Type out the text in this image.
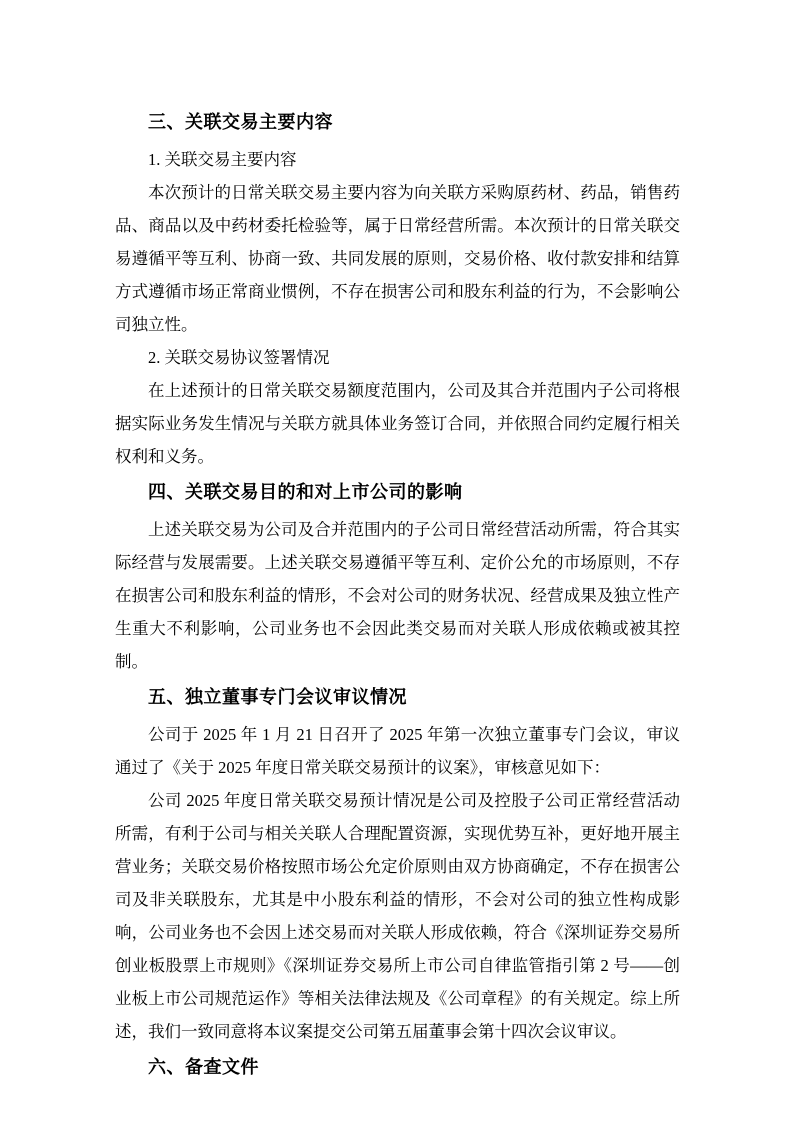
三、关联交易主要内容

1. 关联交易主要内容

本次预计的日常关联交易主要内容为向关联方采购原药材、药品，销售药品、商品以及中药材委托检验等，属于日常经营所需。本次预计的日常关联交易遵循平等互利、协商一致、共同发展的原则，交易价格、收付款安排和结算方式遵循市场正常商业惯例，不存在损害公司和股东利益的行为，不会影响公司独立性。

2. 关联交易协议签署情况

在上述预计的日常关联交易额度范围内，公司及其合并范围内子公司将根据实际业务发生情况与关联方就具体业务签订合同，并依照合同约定履行相关权利和义务。

四、关联交易目的和对上市公司的影响

上述关联交易为公司及合并范围内的子公司日常经营活动所需，符合其实际经营与发展需要。上述关联交易遵循平等互利、定价公允的市场原则，不存在损害公司和股东利益的情形，不会对公司的财务状况、经营成果及独立性产生重大不利影响，公司业务也不会因此类交易而对关联人形成依赖或被其控制。

五、独立董事专门会议审议情况

公司于 2025 年 1 月 21 日召开了 2025 年第一次独立董事专门会议，审议通过了《关于 2025 年度日常关联交易预计的议案》，审核意见如下：

公司 2025 年度日常关联交易预计情况是公司及控股子公司正常经营活动所需，有利于公司与相关关联人合理配置资源，实现优势互补，更好地开展主营业务；关联交易价格按照市场公允定价原则由双方协商确定，不存在损害公司及非关联股东，尤其是中小股东利益的情形，不会对公司的独立性构成影响，公司业务也不会因上述交易而对关联人形成依赖，符合《深圳证券交易所创业板股票上市规则》《深圳证券交易所上市公司自律监管指引第 2 号——创业板上市公司规范运作》等相关法律法规及《公司章程》的有关规定。综上所述，我们一致同意将本议案提交公司第五届董事会第十四次会议审议。

六、备查文件
